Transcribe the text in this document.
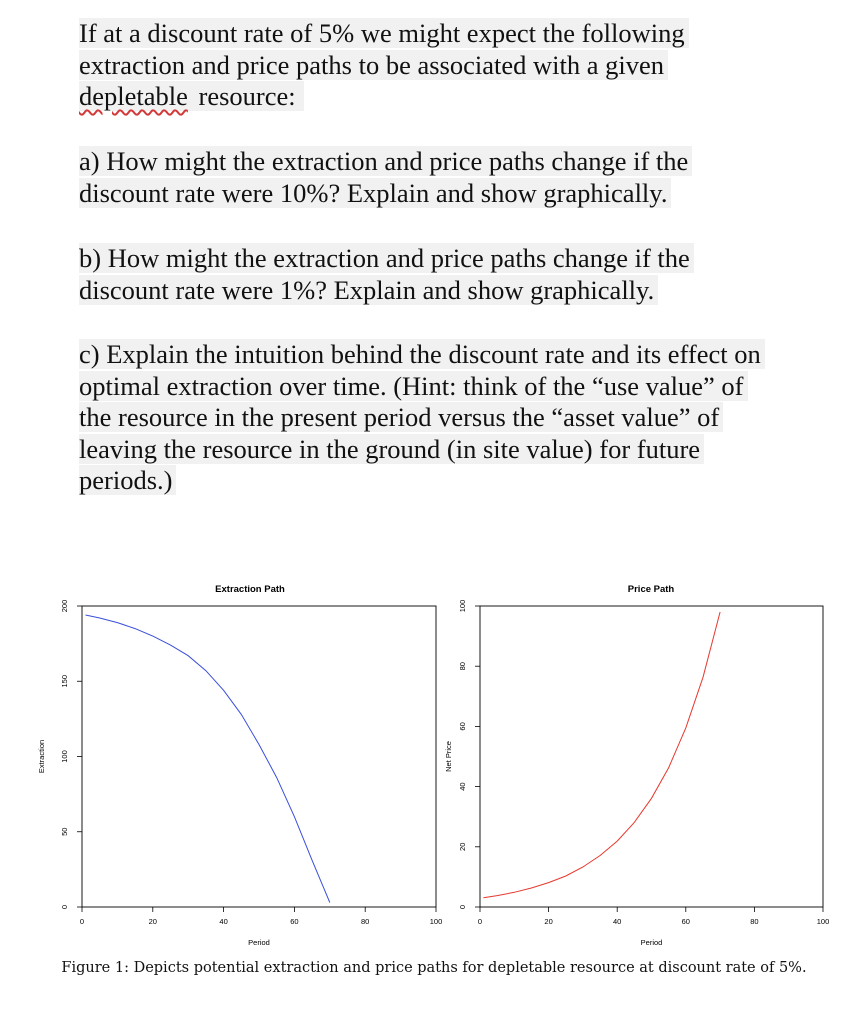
If at a discount rate of 5% we might expect the following
extraction and price paths to be associated with a given
depletable resource:
a) How might the extraction and price paths change if the
discount rate were 10%? Explain and show graphically.
b) How might the extraction and price paths change if the
discount rate were 1%? Explain and show graphically.
c) Explain the intuition behind the discount rate and its effect on
optimal extraction over time. (Hint: think of the “use value” of
the resource in the present period versus the “asset value” of
leaving the resource in the ground (in site value) for future
periods.)
Extraction Path
0	20	40	60	80	100
0
50
100
150
200
Extraction
Period
Price Path
0	20	40	60	80	100
0
20
40
60
80
100
Net Price
Period
Figure 1: Depicts potential extraction and price paths for depletable resource at discount rate of 5%.
